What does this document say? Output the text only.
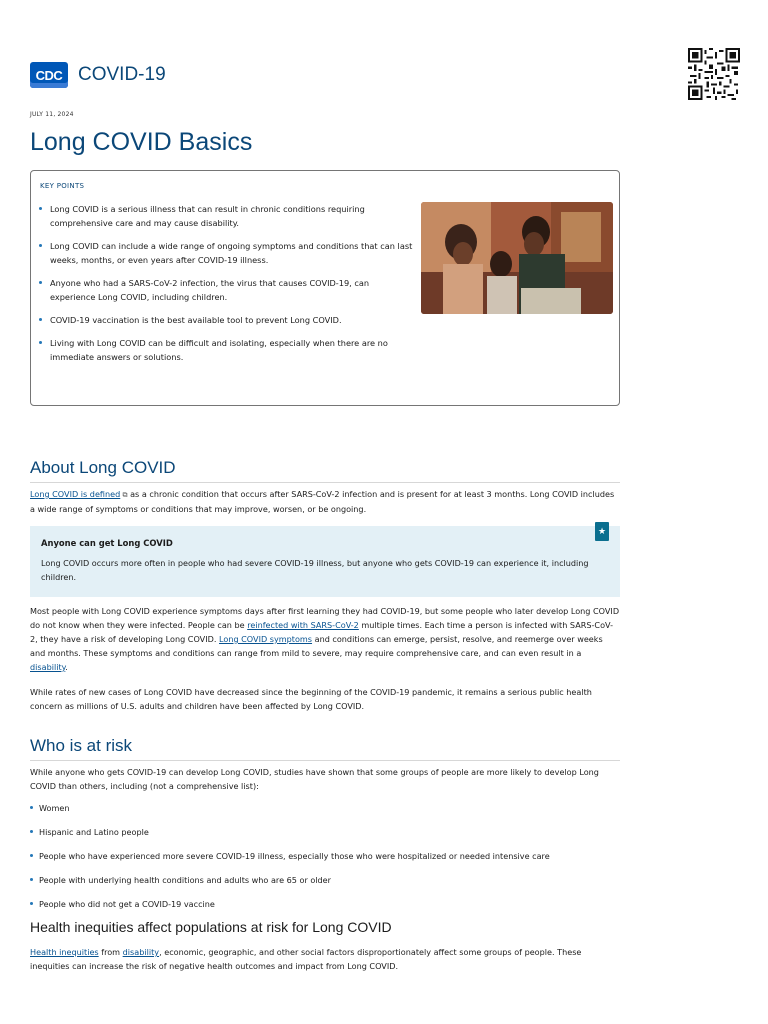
CDC COVID-19
JULY 11, 2024
Long COVID Basics
KEY POINTS
Long COVID is a serious illness that can result in chronic conditions requiring comprehensive care and may cause disability.
Long COVID can include a wide range of ongoing symptoms and conditions that can last weeks, months, or even years after COVID-19 illness.
Anyone who had a SARS-CoV-2 infection, the virus that causes COVID-19, can experience Long COVID, including children.
COVID-19 vaccination is the best available tool to prevent Long COVID.
Living with Long COVID can be difficult and isolating, especially when there are no immediate answers or solutions.
About Long COVID
Long COVID is defined ⧉ as a chronic condition that occurs after SARS-CoV-2 infection and is present for at least 3 months. Long COVID includes a wide range of symptoms or conditions that may improve, worsen, or be ongoing.
★
Anyone can get Long COVID
Long COVID occurs more often in people who had severe COVID-19 illness, but anyone who gets COVID-19 can experience it, including children.
Most people with Long COVID experience symptoms days after first learning they had COVID-19, but some people who later develop Long COVID do not know when they were infected. People can be reinfected with SARS-CoV-2 multiple times. Each time a person is infected with SARS-CoV-2, they have a risk of developing Long COVID. Long COVID symptoms and conditions can emerge, persist, resolve, and reemerge over weeks and months. These symptoms and conditions can range from mild to severe, may require comprehensive care, and can even result in a disability.
While rates of new cases of Long COVID have decreased since the beginning of the COVID-19 pandemic, it remains a serious public health concern as millions of U.S. adults and children have been affected by Long COVID.
Who is at risk
While anyone who gets COVID-19 can develop Long COVID, studies have shown that some groups of people are more likely to develop Long COVID than others, including (not a comprehensive list):
Women
Hispanic and Latino people
People who have experienced more severe COVID-19 illness, especially those who were hospitalized or needed intensive care
People with underlying health conditions and adults who are 65 or older
People who did not get a COVID-19 vaccine
Health inequities affect populations at risk for Long COVID
Health inequities from disability, economic, geographic, and other social factors disproportionately affect some groups of people. These inequities can increase the risk of negative health outcomes and impact from Long COVID.
